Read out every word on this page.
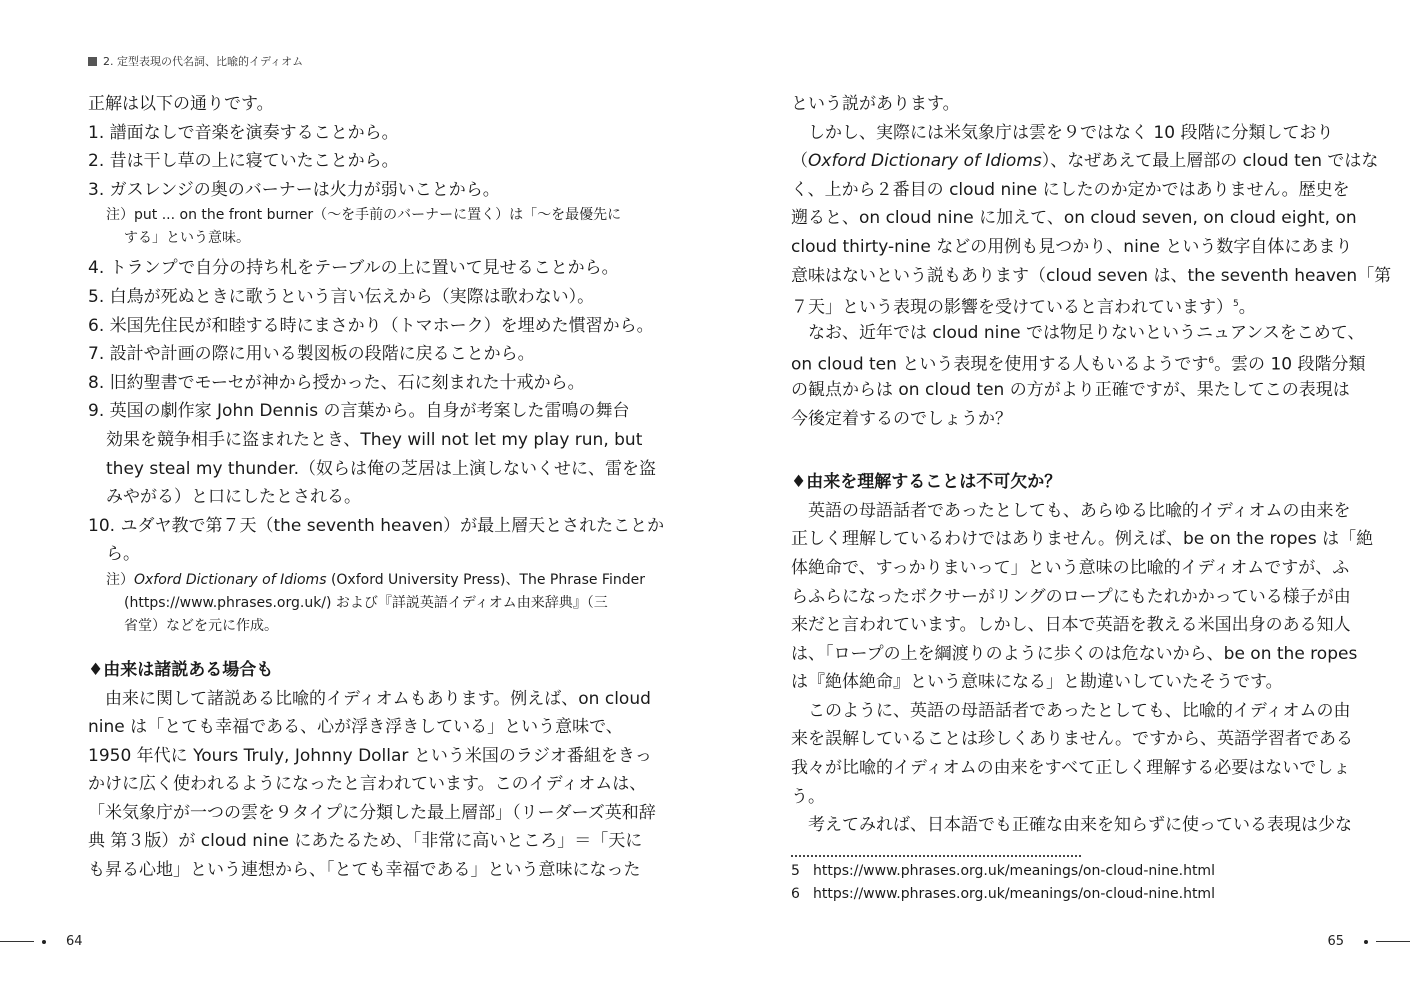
2. 定型表現の代名詞、比喩的イディオム
正解は以下の通りです。
1. 譜面なしで音楽を演奏することから。
2. 昔は干し草の上に寝ていたことから。
3. ガスレンジの奥のバーナーは火力が弱いことから。
注）put ... on the front burner（〜を手前のバーナーに置く）は「〜を最優先に
する」という意味。
4. トランプで自分の持ち札をテーブルの上に置いて見せることから。
5. 白鳥が死ぬときに歌うという言い伝えから（実際は歌わない）。
6. 米国先住民が和睦する時にまさかり（トマホーク）を埋めた慣習から。
7. 設計や計画の際に用いる製図板の段階に戻ることから。
8. 旧約聖書でモーセが神から授かった、石に刻まれた十戒から。
9. 英国の劇作家 John Dennis の言葉から。自身が考案した雷鳴の舞台
効果を競争相手に盗まれたとき、They will not let my play run, but
they steal my thunder.（奴らは俺の芝居は上演しないくせに、雷を盗
みやがる）と口にしたとされる。
10. ユダヤ教で第７天（the seventh heaven）が最上層天とされたことか
ら。
注）Oxford Dictionary of Idioms (Oxford University Press)、The Phrase Finder
(https://www.phrases.org.uk/) および『詳説英語イディオム由来辞典』（三
省堂）などを元に作成。
♦由来は諸説ある場合も
由来に関して諸説ある比喩的イディオムもあります。例えば、on cloud
nine は「とても幸福である、心が浮き浮きしている」という意味で、
1950 年代に Yours Truly, Johnny Dollar という米国のラジオ番組をきっ
かけに広く使われるようになったと言われています。このイディオムは、
「米気象庁が一つの雲を９タイプに分類した最上層部」（リーダーズ英和辞
典 第３版）が cloud nine にあたるため、「非常に高いところ」＝「天に
も昇る心地」という連想から、「とても幸福である」という意味になった
64
という説があります。
しかし、実際には米気象庁は雲を９ではなく 10 段階に分類しており
（Oxford Dictionary of Idioms）、なぜあえて最上層部の cloud ten ではな
く、上から２番目の cloud nine にしたのか定かではありません。歴史を
遡ると、on cloud nine に加えて、on cloud seven, on cloud eight, on
cloud thirty-nine などの用例も見つかり、nine という数字自体にあまり
意味はないという説もあります（cloud seven は、the seventh heaven「第
７天」という表現の影響を受けていると言われています）$^5$。
なお、近年では cloud nine では物足りないというニュアンスをこめて、
on cloud ten という表現を使用する人もいるようです$^6$。雲の 10 段階分類
の観点からは on cloud ten の方がより正確ですが、果たしてこの表現は
今後定着するのでしょうか？
♦由来を理解することは不可欠か？
英語の母語話者であったとしても、あらゆる比喩的イディオムの由来を
正しく理解しているわけではありません。例えば、be on the ropes は「絶
体絶命で、すっかりまいって」という意味の比喩的イディオムですが、ふ
らふらになったボクサーがリングのロープにもたれかかっている様子が由
来だと言われています。しかし、日本で英語を教える米国出身のある知人
は、「ロープの上を綱渡りのように歩くのは危ないから、be on the ropes
は『絶体絶命』という意味になる」と勘違いしていたそうです。
このように、英語の母語話者であったとしても、比喩的イディオムの由
来を誤解していることは珍しくありません。ですから、英語学習者である
我々が比喩的イディオムの由来をすべて正しく理解する必要はないでしょ
う。
考えてみれば、日本語でも正確な由来を知らずに使っている表現は少な
5 https://www.phrases.org.uk/meanings/on-cloud-nine.html
6 https://www.phrases.org.uk/meanings/on-cloud-nine.html
65
